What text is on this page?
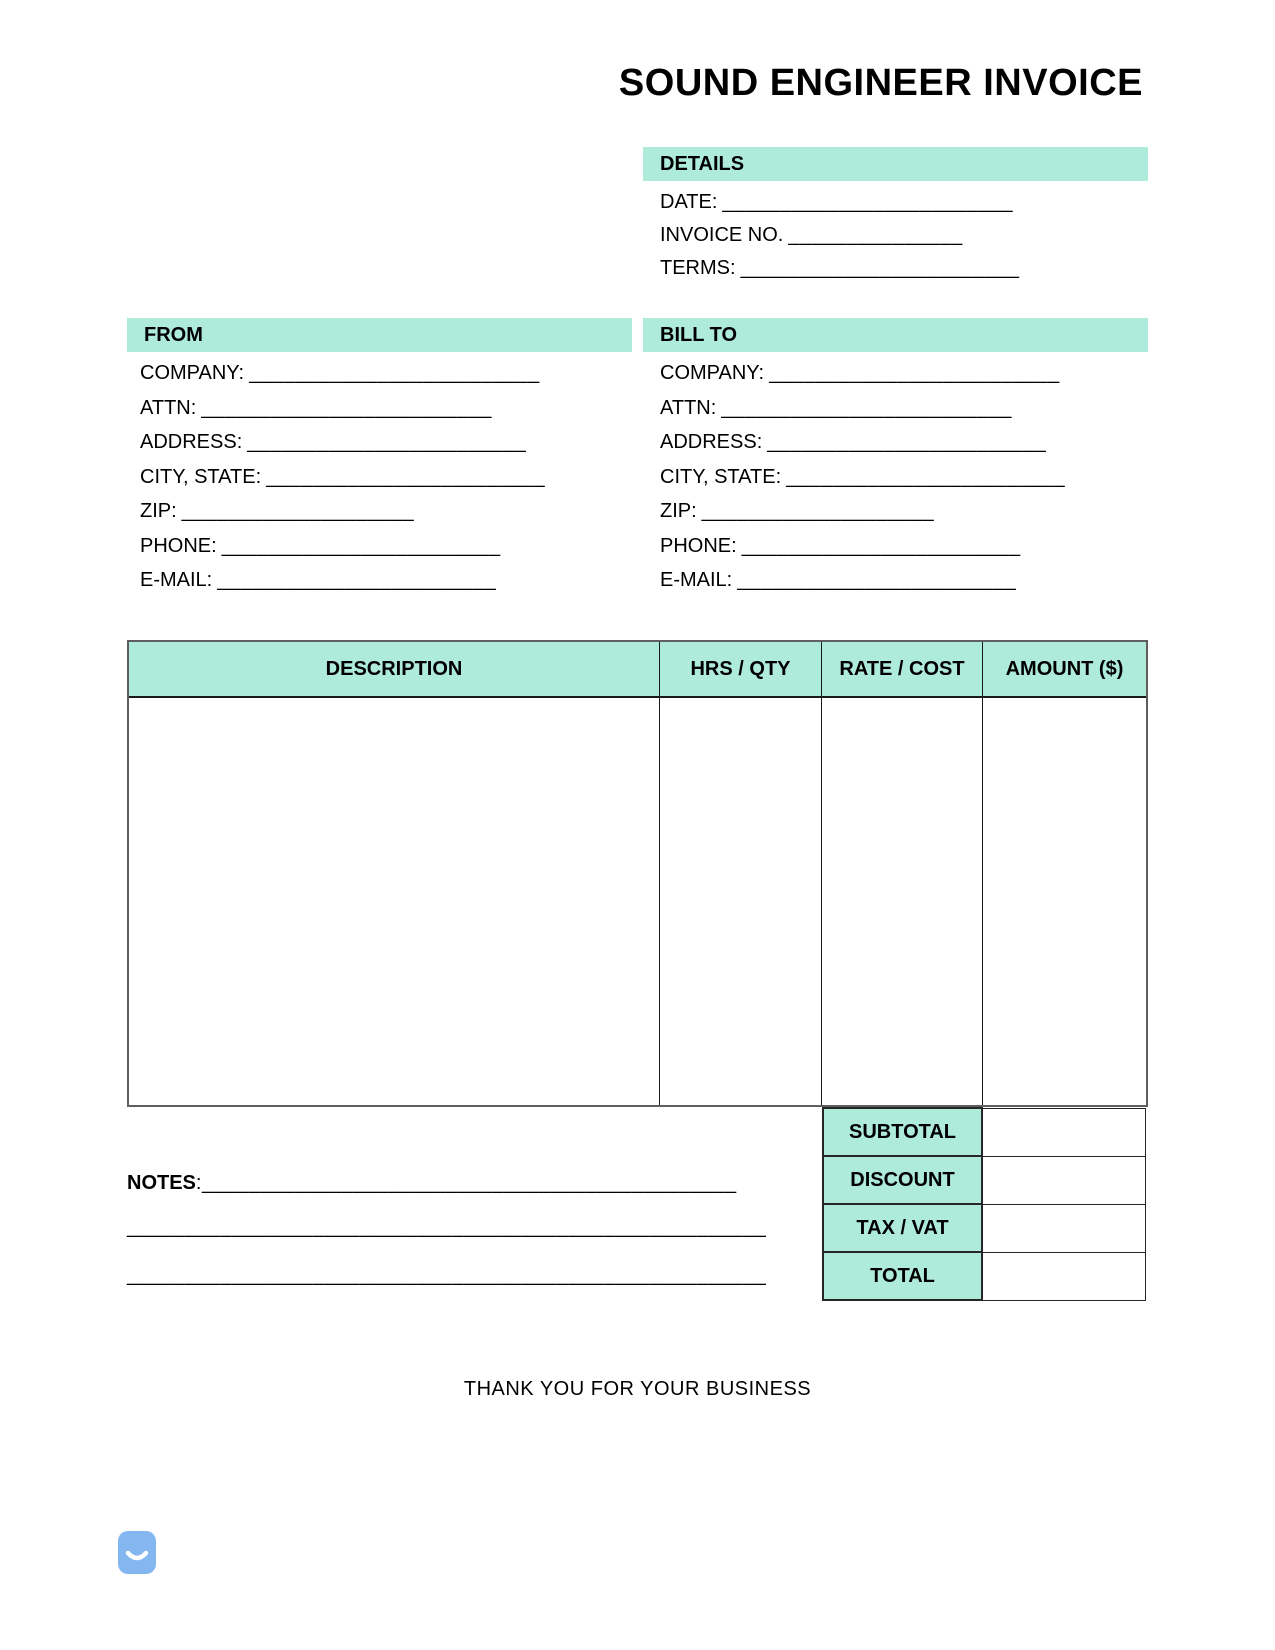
SOUND ENGINEER INVOICE
DETAILS
DATE: _________________________
INVOICE NO. _______________
TERMS: ________________________
FROM
COMPANY: _________________________
ATTN: _________________________
ADDRESS: ________________________
CITY, STATE: ________________________
ZIP: ____________________
PHONE: ________________________
E-MAIL: ________________________
BILL TO
COMPANY: _________________________
ATTN: _________________________
ADDRESS: ________________________
CITY, STATE: ________________________
ZIP: ____________________
PHONE: ________________________
E-MAIL: ________________________
DESCRIPTION	HRS / QTY	RATE / COST	AMOUNT ($)
SUBTOTAL	
DISCOUNT	
TAX / VAT	
TOTAL	
NOTES:______________________________________________
_______________________________________________________
_______________________________________________________
THANK YOU FOR YOUR BUSINESS
